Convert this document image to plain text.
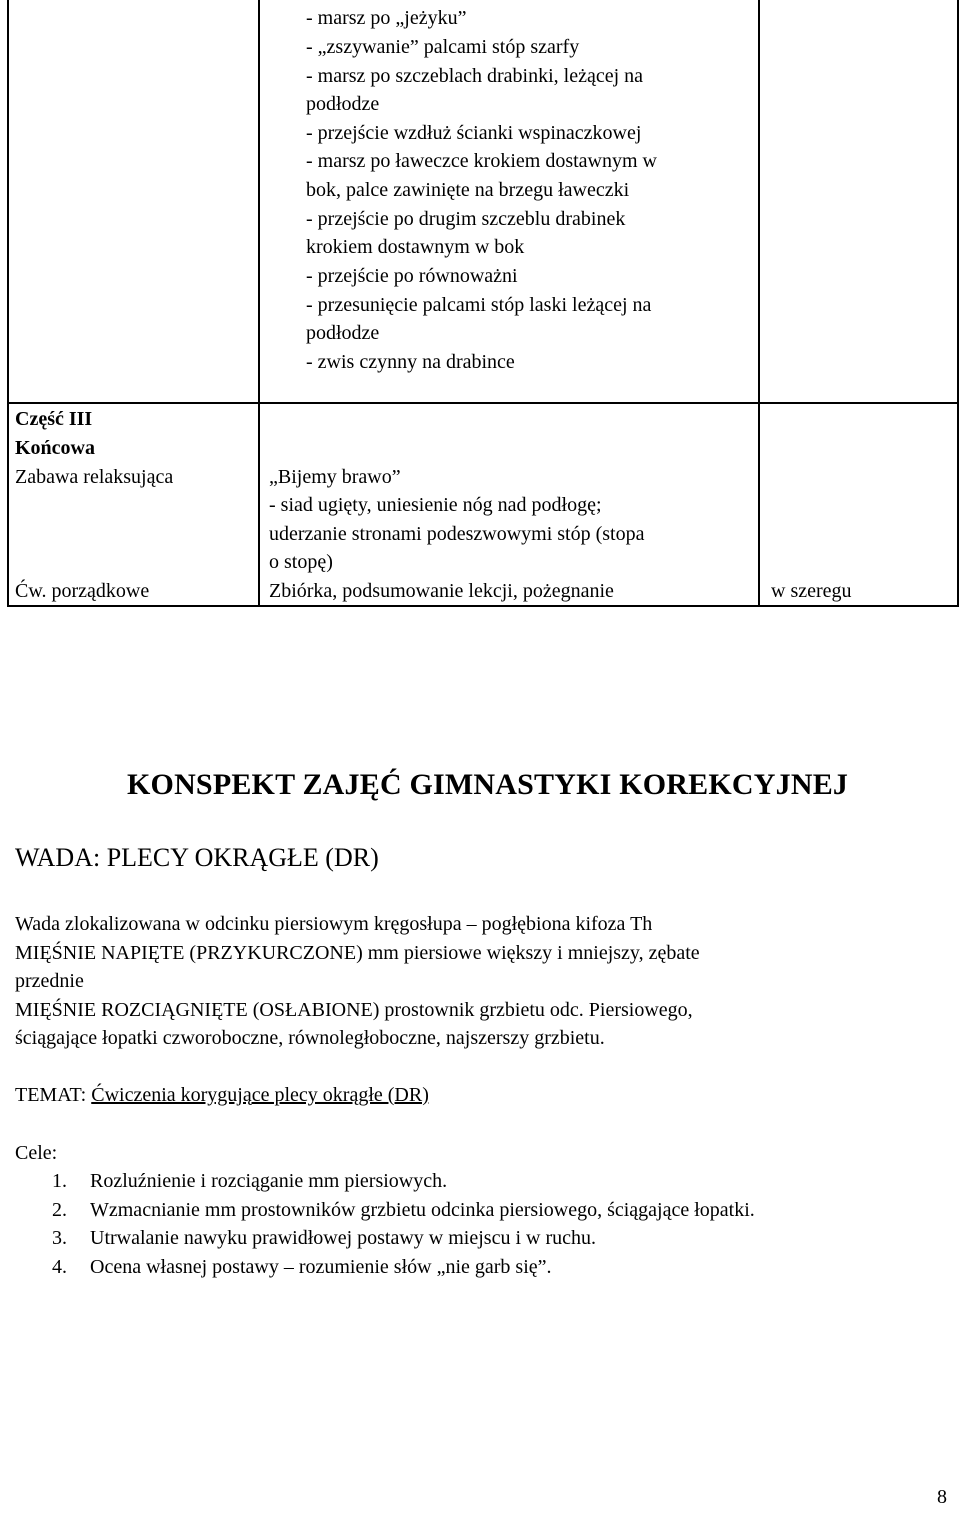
- marsz po „jeżyku”
- „zszywanie” palcami stóp szarfy
- marsz po szczeblach drabinki, leżącej na
podłodze
- przejście wzdłuż ścianki wspinaczkowej
- marsz po ławeczce krokiem dostawnym w
bok, palce zawinięte na brzegu ławeczki
- przejście po drugim szczeblu drabinek
krokiem dostawnym w bok
- przejście po równoważni
- przesunięcie palcami stóp laski leżącej na
podłodze
- zwis czynny na drabince
Część III
Końcowa
Zabawa relaksująca
Ćw. porządkowe
„Bijemy brawo”
- siad ugięty, uniesienie nóg nad podłogę;
uderzanie stronami podeszwowymi stóp (stopa
o stopę)
Zbiórka, podsumowanie lekcji, pożegnanie	w szeregu
KONSPEKT ZAJĘĆ GIMNASTYKI KOREKCYJNEJ
WADA: PLECY OKRĄGŁE (DR)
Wada zlokalizowana w odcinku piersiowym kręgosłupa – pogłębiona kifoza Th
MIĘŚNIE NAPIĘTE (PRZYKURCZONE) mm piersiowe większy i mniejszy, zębate
przednie
MIĘŚNIE ROZCIĄGNIĘTE (OSŁABIONE) prostownik grzbietu odc. Piersiowego,
ściągające łopatki czworoboczne, równoległoboczne, najszerszy grzbietu.
TEMAT: Ćwiczenia korygujące plecy okrągłe (DR)
Cele:
1. Rozluźnienie i rozciąganie mm piersiowych.
2. Wzmacnianie mm prostowników grzbietu odcinka piersiowego, ściągające łopatki.
3. Utrwalanie nawyku prawidłowej postawy w miejscu i w ruchu.
4. Ocena własnej postawy – rozumienie słów „nie garb się”.
8
